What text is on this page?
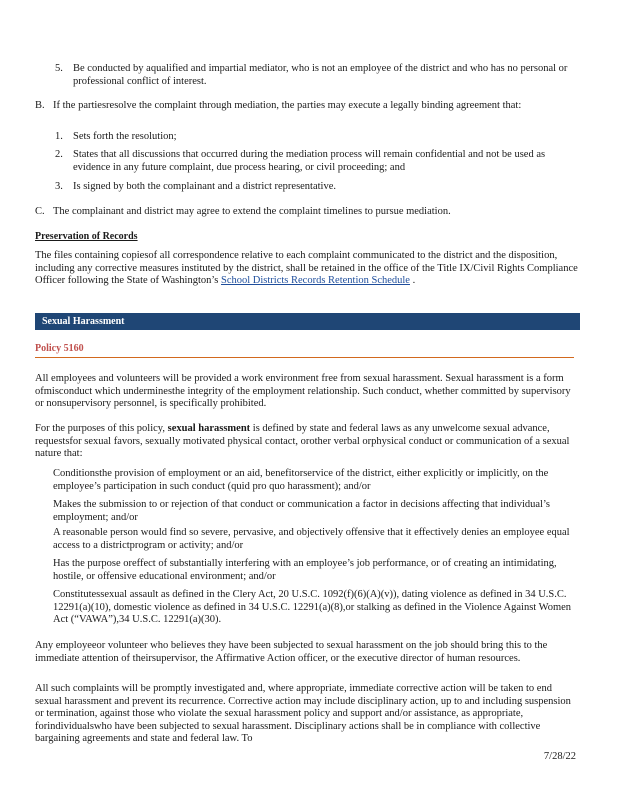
5. Be conducted by aqualified and impartial mediator, who is not an employee of the district and who has no personal or professional conflict of interest.
B. If the partiesresolve the complaint through mediation, the parties may execute a legally binding agreement that:
1. Sets forth the resolution;
2. States that all discussions that occurred during the mediation process will remain confidential and not be used as evidence in any future complaint, due process hearing, or civil proceeding; and
3. Is signed by both the complainant and a district representative.
C. The complainant and district may agree to extend the complaint timelines to pursue mediation.
Preservation of Records
The files containing copiesof all correspondence relative to each complaint communicated to the district and the disposition, including any corrective measures instituted by the district, shall be retained in the office of the Title IX/Civil Rights Compliance Officer following the State of Washington’s School Districts Records Retention Schedule .
Sexual Harassment
Policy 5160
All employees and volunteers will be provided a work environment free from sexual harassment. Sexual harassment is a form ofmisconduct which underminesthe integrity of the employment relationship. Such conduct, whether committed by supervisory or nonsupervisory personnel, is specifically prohibited.
For the purposes of this policy, sexual harassment is defined by state and federal laws as any unwelcome sexual advance, requestsfor sexual favors, sexually motivated physical contact, orother verbal orphysical conduct or communication of a sexual nature that:
Conditionsthe provision of employment or an aid, benefitorservice of the district, either explicitly or implicitly, on the employee’s participation in such conduct (quid pro quo harassment); and/or
Makes the submission to or rejection of that conduct or communication a factor in decisions affecting that individual’s employment; and/or
A reasonable person would find so severe, pervasive, and objectively offensive that it effectively denies an employee equal access to a districtprogram or activity; and/or
Has the purpose oreffect of substantially interfering with an employee’s job performance, or of creating an intimidating, hostile, or offensive educational environment; and/or
Constitutessexual assault as defined in the Clery Act, 20 U.S.C. 1092(f)(6)(A)(v)), dating violence as defined in 34 U.S.C. 12291(a)(10), domestic violence as defined in 34 U.S.C. 12291(a)(8),or stalking as defined in the Violence Against Women Act (“VAWA”),34 U.S.C. 12291(a)(30).
Any employeeor volunteer who believes they have been subjected to sexual harassment on the job should bring this to the immediate attention of theirsupervisor, the Affirmative Action officer, or the executive director of human resources.
All such complaints will be promptly investigated and, where appropriate, immediate corrective action will be taken to end sexual harassment and prevent its recurrence. Corrective action may include disciplinary action, up to and including suspension or termination, against those who violate the sexual harassment policy and support and/or assistance, as appropriate, forindividualswho have been subjected to sexual harassment. Disciplinary actions shall be in compliance with collective bargaining agreements and state and federal law. To
7/28/22
